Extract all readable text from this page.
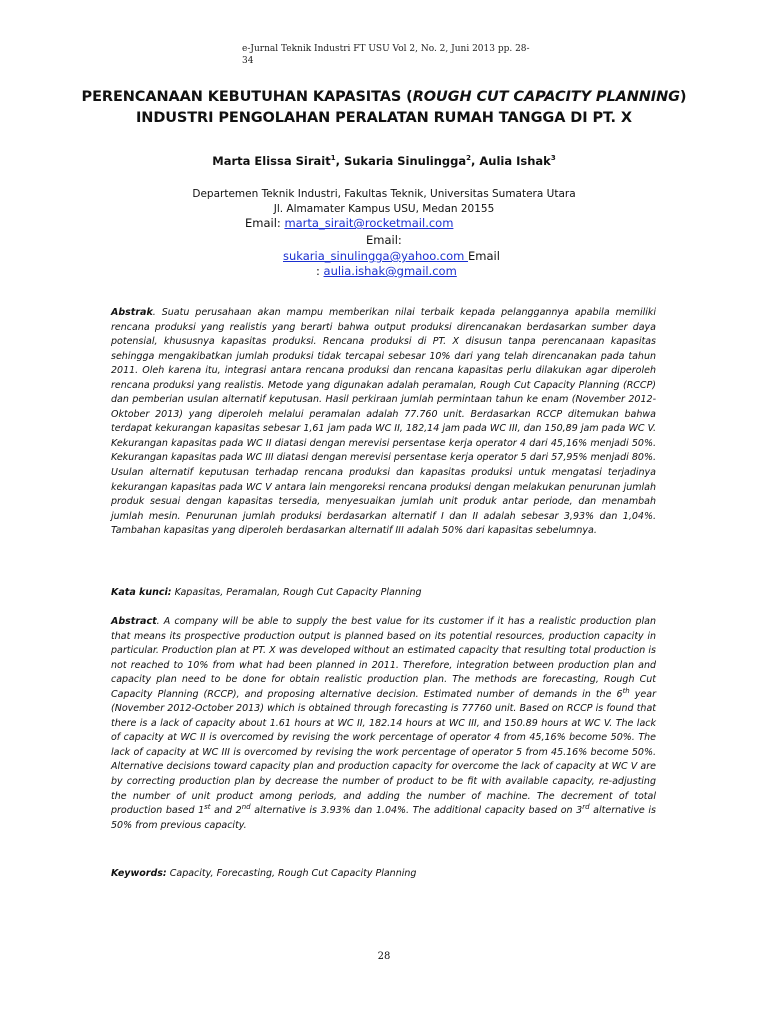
e-Jurnal Teknik Industri FT USU Vol 2, No. 2, Juni 2013 pp. 28-34
PERENCANAAN KEBUTUHAN KAPASITAS (ROUGH CUT CAPACITY PLANNING)
INDUSTRI PENGOLAHAN PERALATAN RUMAH TANGGA DI PT. X
Marta Elissa Sirait$^1$, Sukaria Sinulingga$^2$, Aulia Ishak$^3$
Departemen Teknik Industri, Fakultas Teknik, Universitas Sumatera Utara
Jl. Almamater Kampus USU, Medan 20155
Email: marta_sirait@rocketmail.com
Email:
sukaria_sinulingga@yahoo.com Email
: aulia.ishak@gmail.com
Abstrak. Suatu perusahaan akan mampu memberikan nilai terbaik kepada pelanggannya apabila memiliki rencana produksi yang realistis yang berarti bahwa output produksi direncanakan berdasarkan sumber daya potensial, khususnya kapasitas produksi. Rencana produksi di PT. X disusun tanpa perencanaan kapasitas sehingga mengakibatkan jumlah produksi tidak tercapai sebesar 10% dari yang telah direncanakan pada tahun 2011. Oleh karena itu, integrasi antara rencana produksi dan rencana kapasitas perlu dilakukan agar diperoleh rencana produksi yang realistis. Metode yang digunakan adalah peramalan, Rough Cut Capacity Planning (RCCP) dan pemberian usulan alternatif keputusan. Hasil perkiraan jumlah permintaan tahun ke enam (November 2012-Oktober 2013) yang diperoleh melalui peramalan adalah 77.760 unit. Berdasarkan RCCP ditemukan bahwa terdapat kekurangan kapasitas sebesar 1,61 jam pada WC II, 182,14 jam pada WC III, dan 150,89 jam pada WC V. Kekurangan kapasitas pada WC II diatasi dengan merevisi persentase kerja operator 4 dari 45,16% menjadi 50%. Kekurangan kapasitas pada WC III diatasi dengan merevisi persentase kerja operator 5 dari 57,95% menjadi 80%. Usulan alternatif keputusan terhadap rencana produksi dan kapasitas produksi untuk mengatasi terjadinya kekurangan kapasitas pada WC V antara lain mengoreksi rencana produksi dengan melakukan penurunan jumlah produk sesuai dengan kapasitas tersedia, menyesuaikan jumlah unit produk antar periode, dan menambah jumlah mesin. Penurunan jumlah produksi berdasarkan alternatif I dan II adalah sebesar 3,93% dan 1,04%. Tambahan kapasitas yang diperoleh berdasarkan alternatif III adalah 50% dari kapasitas sebelumnya.
Kata kunci: Kapasitas, Peramalan, Rough Cut Capacity Planning
Abstract. A company will be able to supply the best value for its customer if it has a realistic production plan that means its prospective production output is planned based on its potential resources, production capacity in particular. Production plan at PT. X was developed without an estimated capacity that resulting total production is not reached to 10% from what had been planned in 2011. Therefore, integration between production plan and capacity plan need to be done for obtain realistic production plan. The methods are forecasting, Rough Cut Capacity Planning (RCCP), and proposing alternative decision. Estimated number of demands in the 6th year (November 2012-October 2013) which is obtained through forecasting is 77760 unit. Based on RCCP is found that there is a lack of capacity about 1.61 hours at WC II, 182.14 hours at WC III, and 150.89 hours at WC V. The lack of capacity at WC II is overcomed by revising the work percentage of operator 4 from 45,16% become 50%. The lack of capacity at WC III is overcomed by revising the work percentage of operator 5 from 45.16% become 50%. Alternative decisions toward capacity plan and production capacity for overcome the lack of capacity at WC V are by correcting production plan by decrease the number of product to be fit with available capacity, re-adjusting the number of unit product among periods, and adding the number of machine. The decrement of total production based 1st and 2nd alternative is 3.93% dan 1.04%. The additional capacity based on 3rd alternative is 50% from previous capacity.
Keywords: Capacity, Forecasting, Rough Cut Capacity Planning
28
